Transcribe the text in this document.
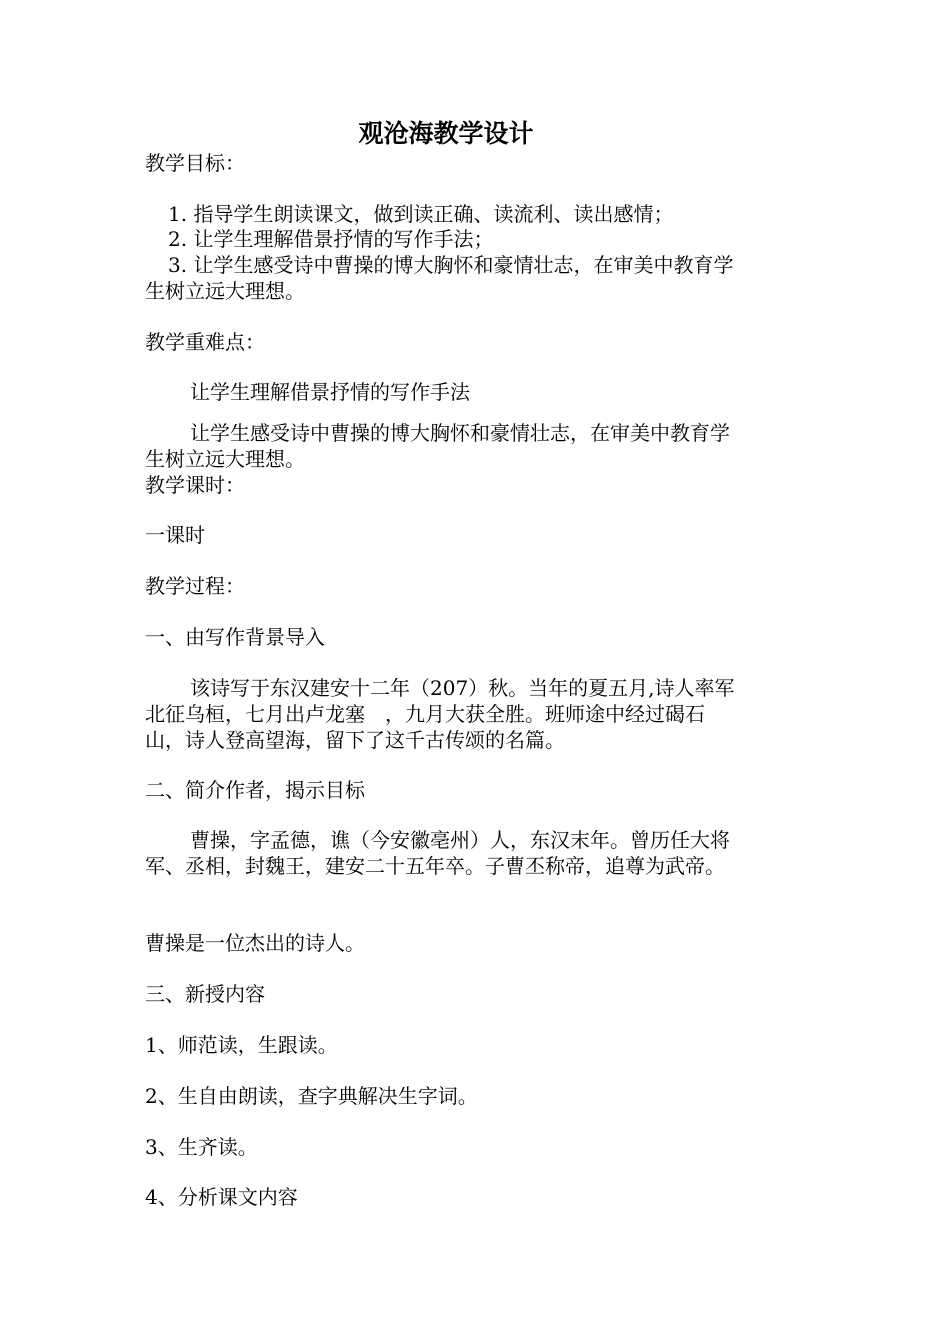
观沧海教学设计
教学目标：
1. 指导学生朗读课文，做到读正确、读流利、读出感情；
2. 让学生理解借景抒情的写作手法；
3. 让学生感受诗中曹操的博大胸怀和豪情壮志，在审美中教育学
生树立远大理想。
教学重难点：
让学生理解借景抒情的写作手法
让学生感受诗中曹操的博大胸怀和豪情壮志，在审美中教育学
生树立远大理想。
教学课时：
一课时
教学过程：
一、由写作背景导入
该诗写于东汉建安十二年（207）秋。当年的夏五月,诗人率军
北征乌桓，七月出卢龙塞　，九月大获全胜。班师途中经过碣石
山，诗人登高望海，留下了这千古传颂的名篇。
二、简介作者，揭示目标
曹操，字孟德，谯（今安徽亳州）人，东汉末年。曾历任大将
军、丞相，封魏王，建安二十五年卒。子曹丕称帝，追尊为武帝。
曹操是一位杰出的诗人。
三、新授内容
1、师范读，生跟读。
2、生自由朗读，查字典解决生字词。
3、生齐读。
4、分析课文内容
